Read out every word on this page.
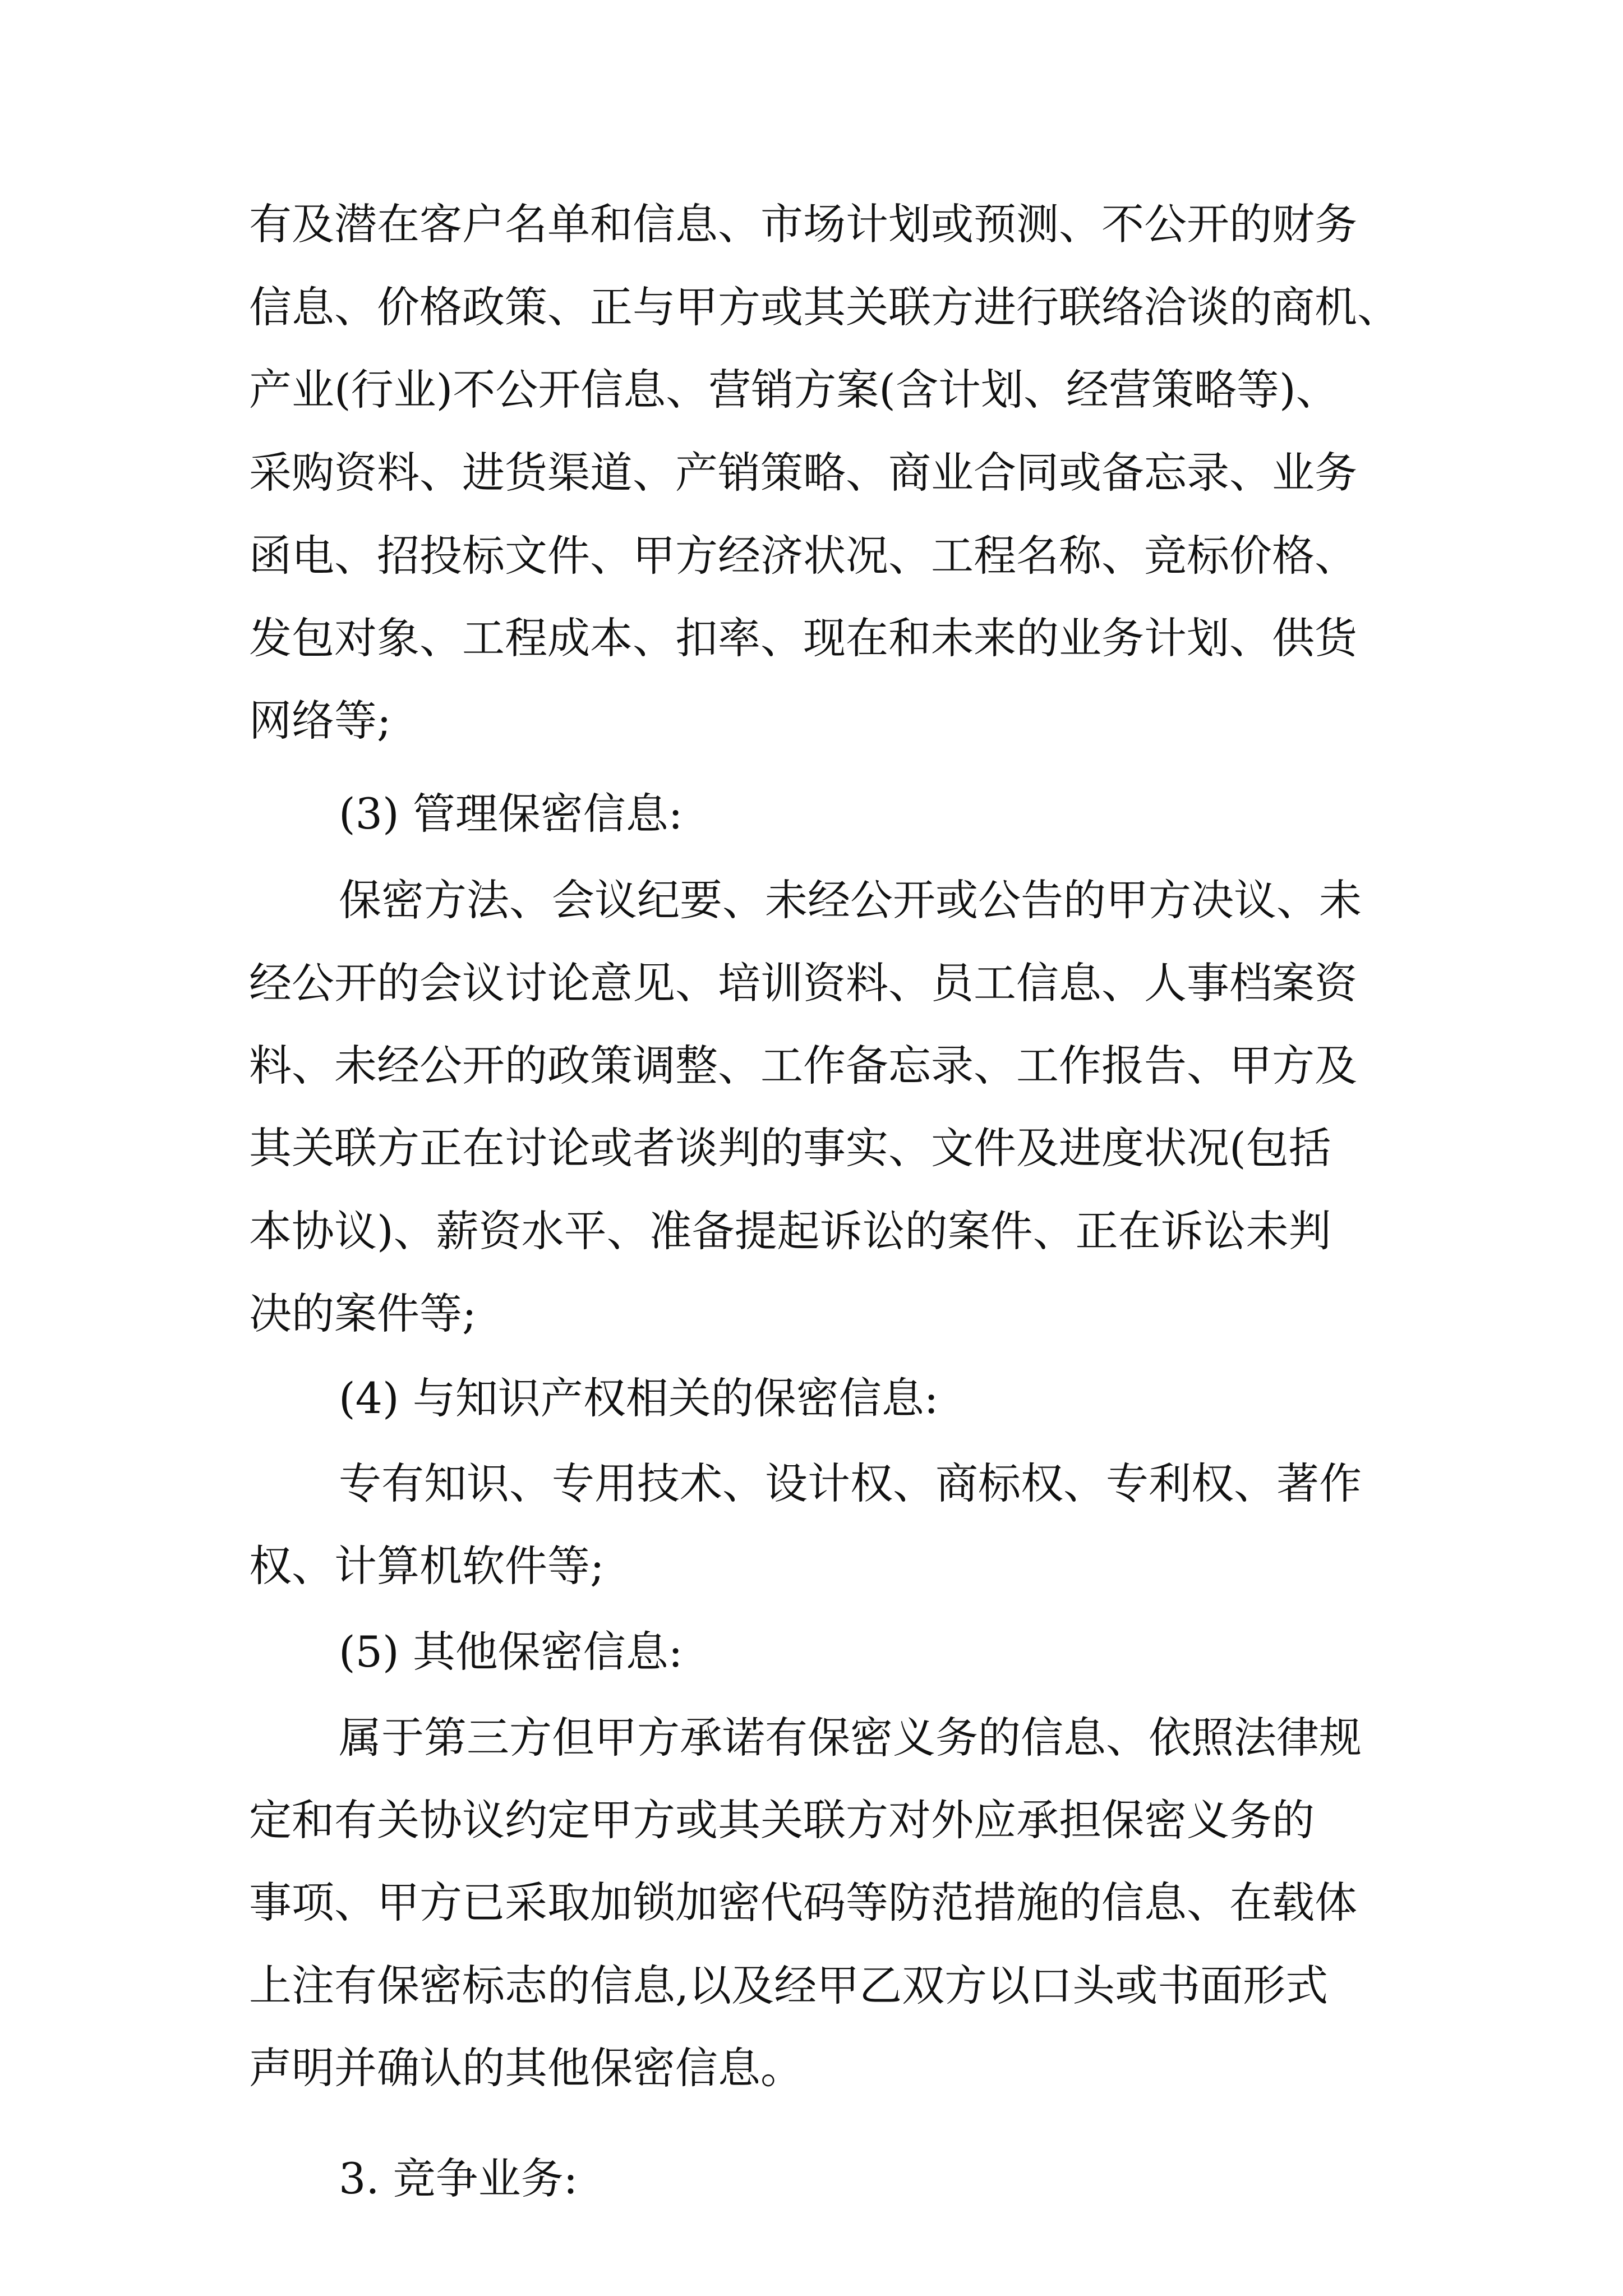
有及潜在客户名单和信息、市场计划或预测、不公开的财务
信息、价格政策、正与甲方或其关联方进行联络洽谈的商机、
产业(行业)不公开信息、营销方案(含计划、经营策略等)、
采购资料、进货渠道、产销策略、商业合同或备忘录、业务
函电、招投标文件、甲方经济状况、工程名称、竞标价格、
发包对象、工程成本、扣率、现在和未来的业务计划、供货
网络等;
(3) 管理保密信息:
保密方法、会议纪要、未经公开或公告的甲方决议、未
经公开的会议讨论意见、培训资料、员工信息、人事档案资
料、未经公开的政策调整、工作备忘录、工作报告、甲方及
其关联方正在讨论或者谈判的事实、文件及进度状况(包括
本协议)、薪资水平、准备提起诉讼的案件、正在诉讼未判
决的案件等;
(4) 与知识产权相关的保密信息:
专有知识、专用技术、设计权、商标权、专利权、著作
权、计算机软件等;
(5) 其他保密信息:
属于第三方但甲方承诺有保密义务的信息、依照法律规
定和有关协议约定甲方或其关联方对外应承担保密义务的
事项、甲方已采取加锁加密代码等防范措施的信息、在载体
上注有保密标志的信息,以及经甲乙双方以口头或书面形式
声明并确认的其他保密信息。
3. 竞争业务:
